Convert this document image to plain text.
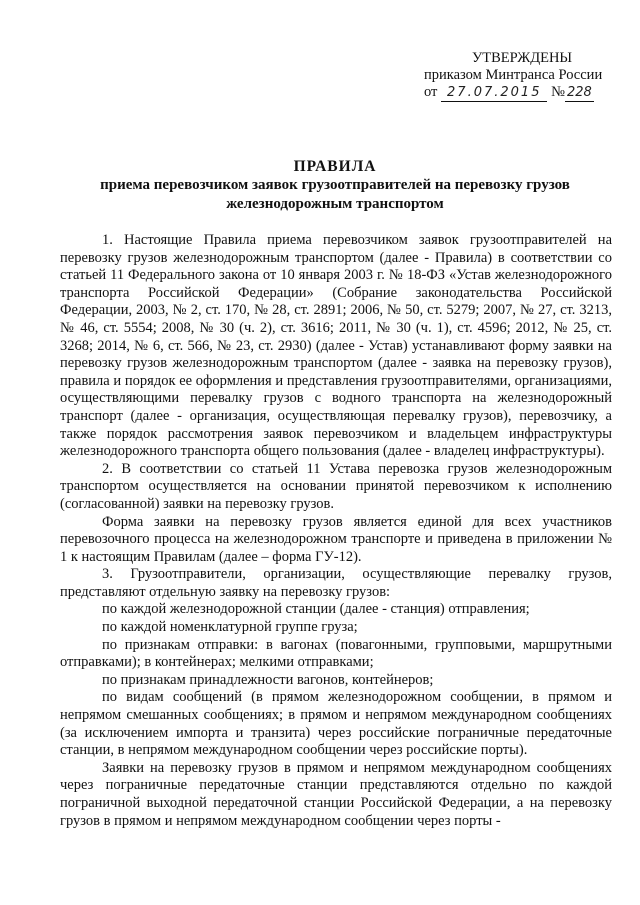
УТВЕРЖДЕНЫ
приказом Минтранса России
от 27.07.2015 № 228
ПРАВИЛА
приема перевозчиком заявок грузоотправителей на перевозку грузов железнодорожным транспортом

1. Настоящие Правила приема перевозчиком заявок грузоотправителей на перевозку грузов железнодорожным транспортом (далее - Правила) в соответствии со статьей 11 Федерального закона от 10 января 2003 г. № 18-ФЗ «Устав железнодорожного транспорта Российской Федерации» (Собрание законодательства Российской Федерации, 2003, № 2, ст. 170, № 28, ст. 2891; 2006, № 50, ст. 5279; 2007, № 27, ст. 3213, № 46, ст. 5554; 2008, № 30 (ч. 2), ст. 3616; 2011, № 30 (ч. 1), ст. 4596; 2012, № 25, ст. 3268; 2014, № 6, ст. 566, № 23, ст. 2930) (далее - Устав) устанавливают форму заявки на перевозку грузов железнодорожным транспортом (далее - заявка на перевозку грузов), правила и порядок ее оформления и представления грузоотправителями, организациями, осуществляющими перевалку грузов с водного транспорта на железнодорожный транспорт (далее - организация, осуществляющая перевалку грузов), перевозчику, а также порядок рассмотрения заявок перевозчиком и владельцем инфраструктуры железнодорожного транспорта общего пользования (далее - владелец инфраструктуры).

2. В соответствии со статьей 11 Устава перевозка грузов железнодорожным транспортом осуществляется на основании принятой перевозчиком к исполнению (согласованной) заявки на перевозку грузов.

Форма заявки на перевозку грузов является единой для всех участников перевозочного процесса на железнодорожном транспорте и приведена в приложении № 1 к настоящим Правилам (далее – форма ГУ-12).

3. Грузоотправители, организации, осуществляющие перевалку грузов, представляют отдельную заявку на перевозку грузов:

по каждой железнодорожной станции (далее - станция) отправления;

по каждой номенклатурной группе груза;

по признакам отправки: в вагонах (повагонными, групповыми, маршрутными отправками); в контейнерах; мелкими отправками;

по признакам принадлежности вагонов, контейнеров;

по видам сообщений (в прямом железнодорожном сообщении, в прямом и непрямом смешанных сообщениях; в прямом и непрямом международном сообщениях (за исключением импорта и транзита) через российские пограничные передаточные станции, в непрямом международном сообщении через российские порты).

Заявки на перевозку грузов в прямом и непрямом международном сообщениях через пограничные передаточные станции представляются отдельно по каждой пограничной выходной передаточной станции Российской Федерации, а на перевозку грузов в прямом и непрямом международном сообщении через порты -
